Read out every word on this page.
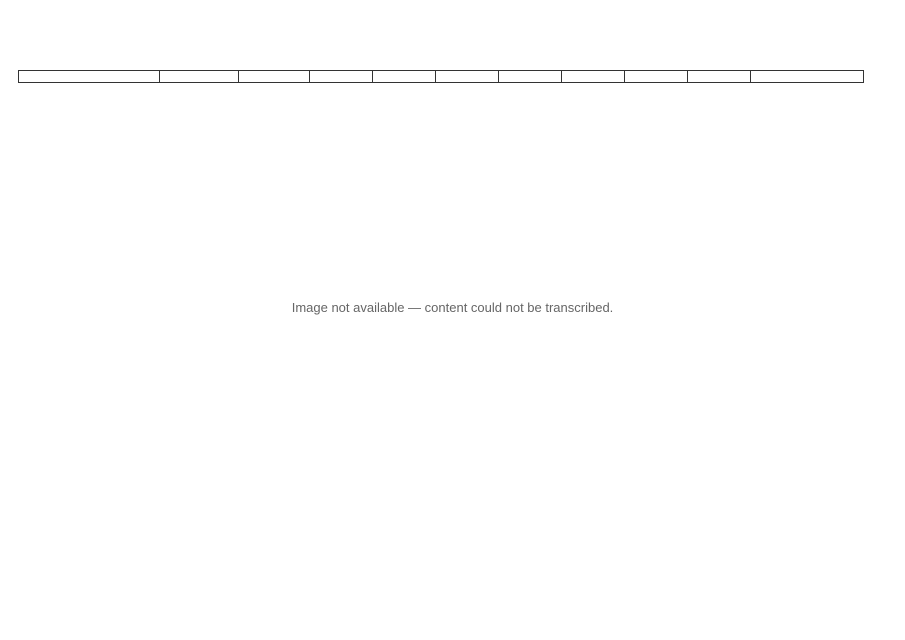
Image not available — content could not be transcribed.
